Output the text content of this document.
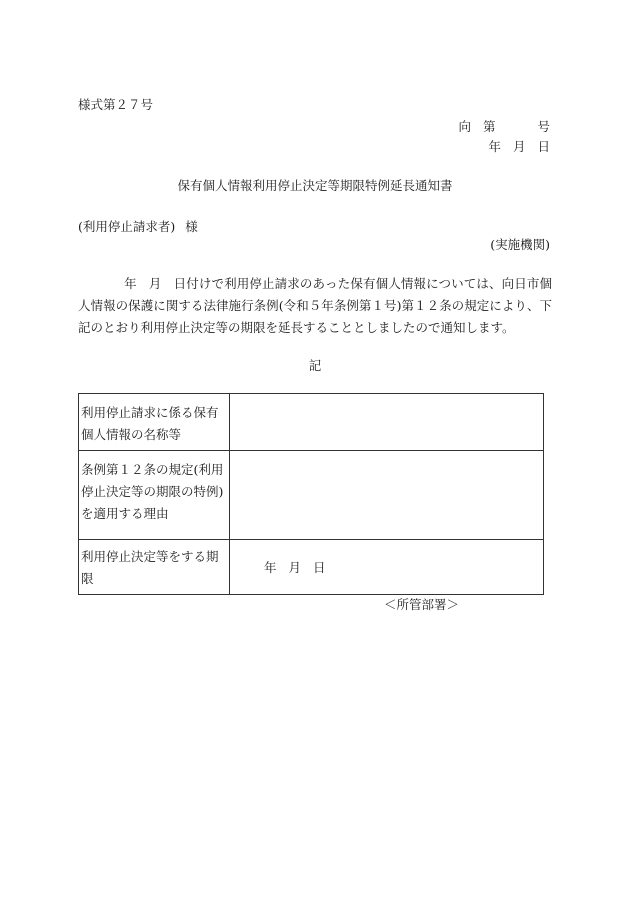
様式第２７号
向 第	号
年 月 日
保有個人情報利用停止決定等期限特例延長通知書
(利用停止請求者) 様
(実施機関)
年 月 日付けで利用停止請求のあった保有個人情報については、向日市個人情報の保護に関する法律施行条例(令和５年条例第１号)第１２条の規定により、下記のとおり利用停止決定等の期限を延長することとしましたので通知します。
記
利用停止請求に係る保有個人情報の名称等	
条例第１２条の規定(利用停止決定等の期限の特例)を適用する理由	
利用停止決定等をする期限	年 月 日
＜所管部署＞
